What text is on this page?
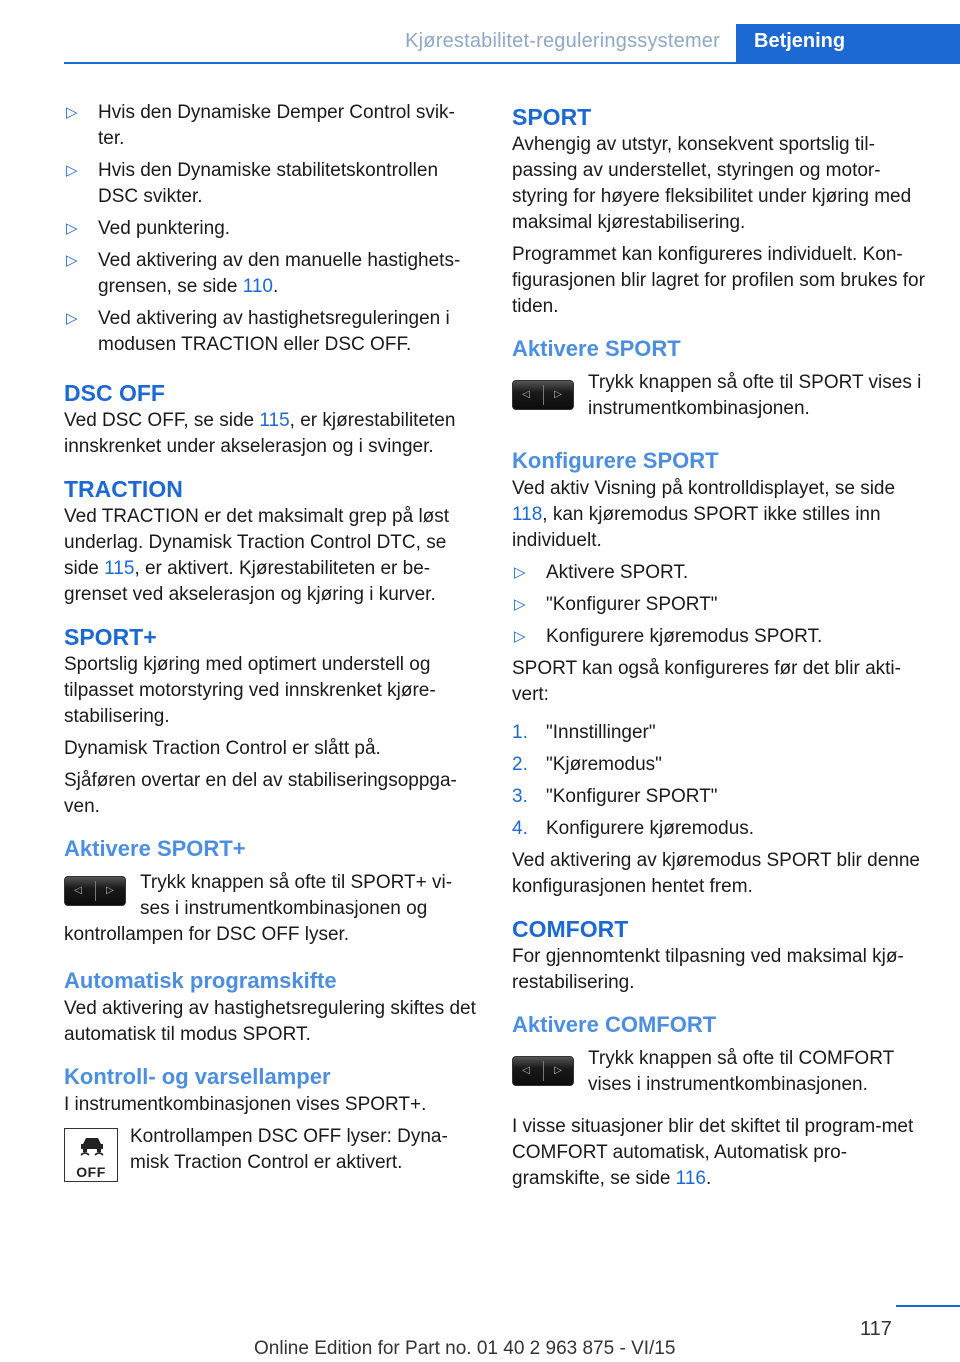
Kjørestabilitet-reguleringssystemer	Betjening
▷	Hvis den Dynamiske Demper Control svik-ter.
▷	Hvis den Dynamiske stabilitetskontrollen DSC svikter.
▷	Ved punktering.
▷	Ved aktivering av den manuelle hastighets-grensen, se side 110.
▷	Ved aktivering av hastighetsreguleringen i modusen TRACTION eller DSC OFF.
DSC OFF

Ved DSC OFF, se side 115, er kjørestabiliteten innskrenket under akselerasjon og i svinger.

TRACTION

Ved TRACTION er det maksimalt grep på løst underlag. Dynamisk Traction Control DTC, se side 115, er aktivert. Kjørestabiliteten er be-grenset ved akselerasjon og kjøring i kurver.

SPORT+

Sportslig kjøring med optimert understell og tilpasset motorstyring ved innskrenket kjøre-stabilisering.

Dynamisk Traction Control er slått på.

Sjåføren overtar en del av stabiliseringsoppga-ven.

Aktivere SPORT+
◁	▷	Trykk knappen så ofte til SPORT+ vi-ses i instrumentkombinasjonen og kontrollampen for DSC OFF lyser.

Automatisk programskifte

Ved aktivering av hastighetsregulering skiftes det automatisk til modus SPORT.

Kontroll- og varsellamper

I instrumentkombinasjonen vises SPORT+.

OFF

Kontrollampen DSC OFF lyser: Dyna-misk Traction Control er aktivert.

SPORT

Avhengig av utstyr, konsekvent sportslig til-passing av understellet, styringen og motor-styring for høyere fleksibilitet under kjøring med maksimal kjørestabilisering.

Programmet kan konfigureres individuelt. Kon-figurasjonen blir lagret for profilen som brukes for tiden.

Aktivere SPORT
◁	▷

Trykk knappen så ofte til SPORT vises i instrumentkombinasjonen.

Konfigurere SPORT

Ved aktiv Visning på kontrolldisplayet, se side 118, kan kjøremodus SPORT ikke stilles inn individuelt.

▷	Aktivere SPORT.
▷	"Konfigurer SPORT"
▷	Konfigurere kjøremodus SPORT.

SPORT kan også konfigureres før det blir akti-vert:

1. "Innstillinger"
2. "Kjøremodus"
3. "Konfigurer SPORT"
4. Konfigurere kjøremodus.

Ved aktivering av kjøremodus SPORT blir denne konfigurasjonen hentet frem.

COMFORT

For gjennomtenkt tilpasning ved maksimal kjø-restabilisering.

Aktivere COMFORT
◁	▷

Trykk knappen så ofte til COMFORT vises i instrumentkombinasjonen.

I visse situasjoner blir det skiftet til program-met COMFORT automatisk, Automatisk pro-gramskifte, se side 116.

117
Online Edition for Part no. 01 40 2 963 875 - VI/15
